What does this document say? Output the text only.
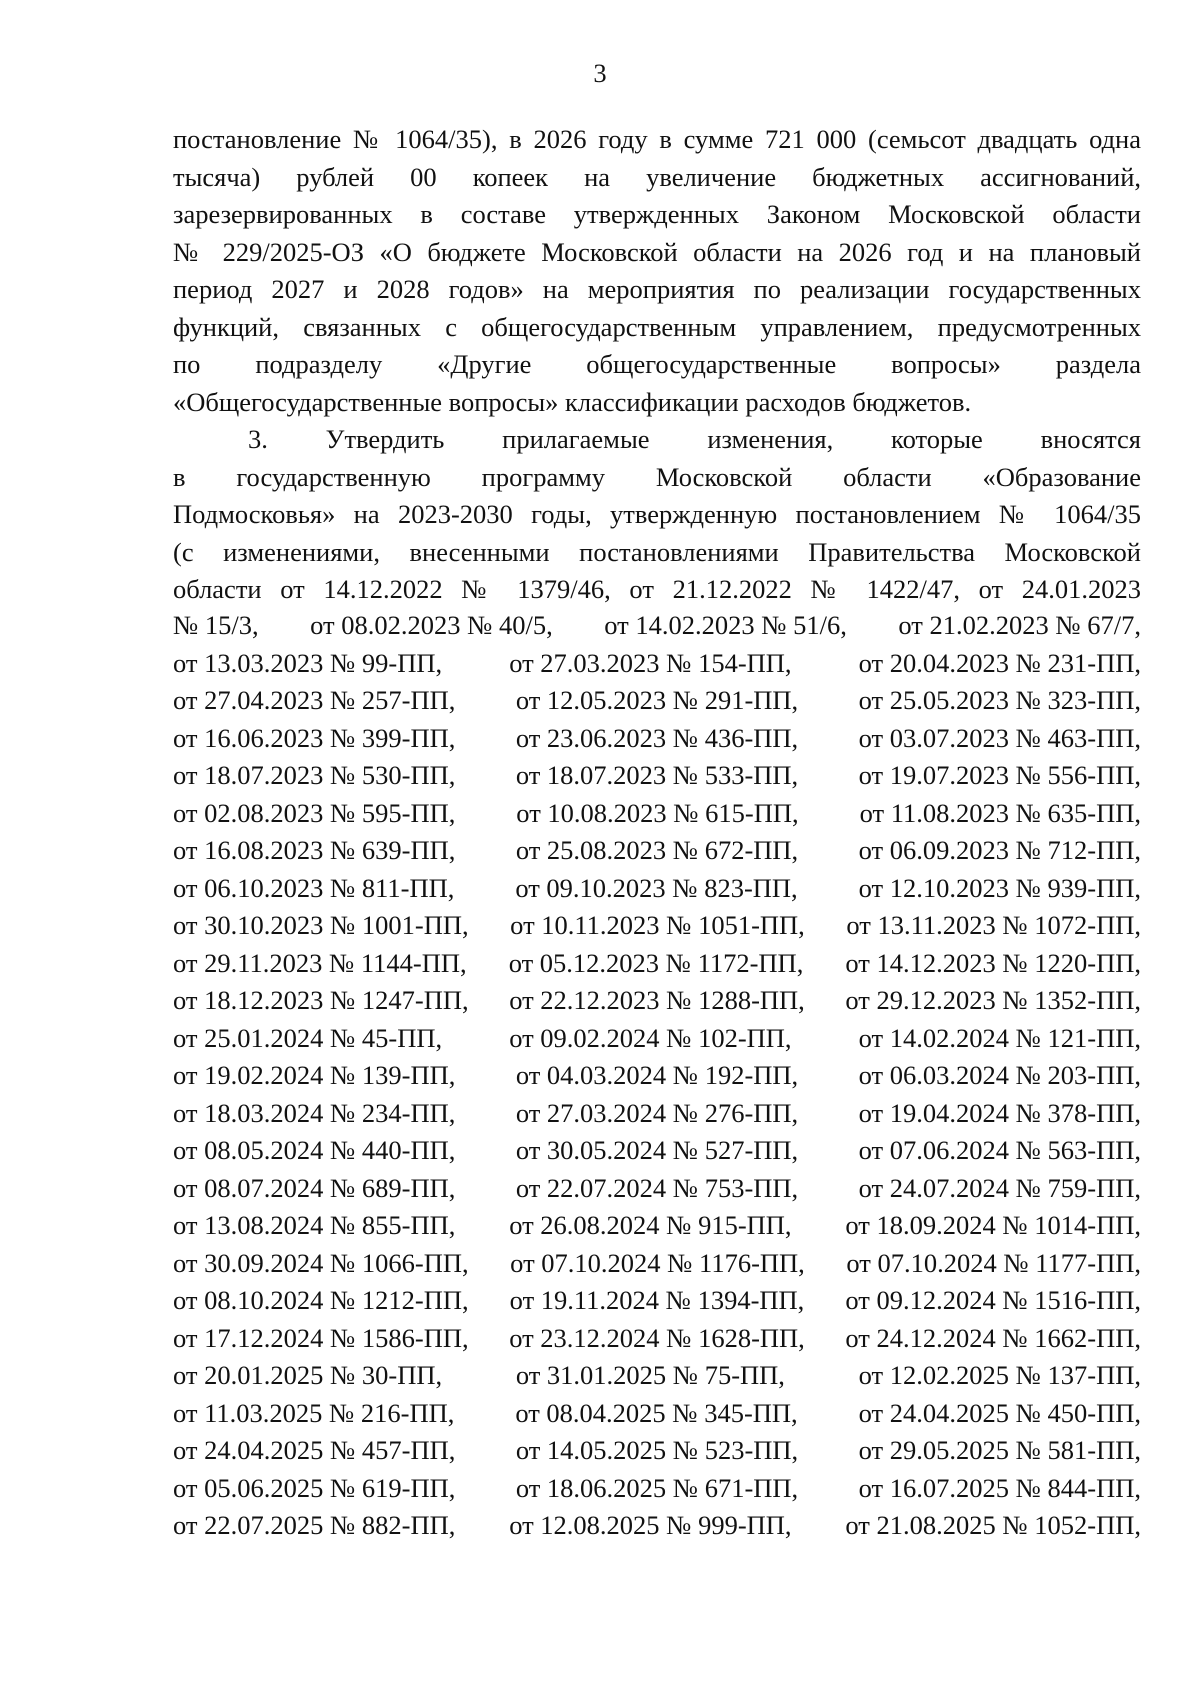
3
постановление № 1064/35), в 2026 году в сумме 721 000 (семьсот двадцать одна
тысяча) рублей 00 копеек на увеличение бюджетных ассигнований,
зарезервированных в составе утвержденных Законом Московской области
№ 229/2025-ОЗ «О бюджете Московской области на 2026 год и на плановый
период 2027 и 2028 годов» на мероприятия по реализации государственных
функций, связанных с общегосударственным управлением, предусмотренных
по подразделу «Другие общегосударственные вопросы» раздела
«Общегосударственные вопросы» классификации расходов бюджетов.
3. Утвердить прилагаемые изменения, которые вносятся
в государственную программу Московской области «Образование
Подмосковья» на 2023-2030 годы, утвержденную постановлением № 1064/35
(с изменениями, внесенными постановлениями Правительства Московской
области от 14.12.2022 № 1379/46, от 21.12.2022 № 1422/47, от 24.01.2023
№ 15/3, от 08.02.2023 № 40/5, от 14.02.2023 № 51/6, от 21.02.2023 № 67/7,
от 13.03.2023 № 99-ПП,	от 27.03.2023 № 154-ПП,	от 20.04.2023 № 231-ПП,
от 27.04.2023 № 257-ПП, от 12.05.2023 № 291-ПП, от 25.05.2023 № 323-ПП,
от 16.06.2023 № 399-ПП, от 23.06.2023 № 436-ПП, от 03.07.2023 № 463-ПП,
от 18.07.2023 № 530-ПП, от 18.07.2023 № 533-ПП, от 19.07.2023 № 556-ПП,
от 02.08.2023 № 595-ПП, от 10.08.2023 № 615-ПП, от 11.08.2023 № 635-ПП,
от 16.08.2023 № 639-ПП, от 25.08.2023 № 672-ПП, от 06.09.2023 № 712-ПП,
от 06.10.2023 № 811-ПП, от 09.10.2023 № 823-ПП, от 12.10.2023 № 939-ПП,
от 30.10.2023 № 1001-ПП, от 10.11.2023 № 1051-ПП, от 13.11.2023 № 1072-ПП,
от 29.11.2023 № 1144-ПП, от 05.12.2023 № 1172-ПП, от 14.12.2023 № 1220-ПП,
от 18.12.2023 № 1247-ПП, от 22.12.2023 № 1288-ПП, от 29.12.2023 № 1352-ПП,
от 25.01.2024 № 45-ПП,	от 09.02.2024 № 102-ПП,	от 14.02.2024 № 121-ПП,
от 19.02.2024 № 139-ПП, от 04.03.2024 № 192-ПП, от 06.03.2024 № 203-ПП,
от 18.03.2024 № 234-ПП, от 27.03.2024 № 276-ПП, от 19.04.2024 № 378-ПП,
от 08.05.2024 № 440-ПП, от 30.05.2024 № 527-ПП, от 07.06.2024 № 563-ПП,
от 08.07.2024 № 689-ПП, от 22.07.2024 № 753-ПП, от 24.07.2024 № 759-ПП,
от 13.08.2024 № 855-ПП, от 26.08.2024 № 915-ПП, от 18.09.2024 № 1014-ПП,
от 30.09.2024 № 1066-ПП, от 07.10.2024 № 1176-ПП, от 07.10.2024 № 1177-ПП,
от 08.10.2024 № 1212-ПП, от 19.11.2024 № 1394-ПП, от 09.12.2024 № 1516-ПП,
от 17.12.2024 № 1586-ПП, от 23.12.2024 № 1628-ПП, от 24.12.2024 № 1662-ПП,
от 20.01.2025 № 30-ПП,	от 31.01.2025 № 75-ПП,	от 12.02.2025 № 137-ПП,
от 11.03.2025 № 216-ПП, от 08.04.2025 № 345-ПП, от 24.04.2025 № 450-ПП,
от 24.04.2025 № 457-ПП, от 14.05.2025 № 523-ПП, от 29.05.2025 № 581-ПП,
от 05.06.2025 № 619-ПП, от 18.06.2025 № 671-ПП, от 16.07.2025 № 844-ПП,
от 22.07.2025 № 882-ПП, от 12.08.2025 № 999-ПП, от 21.08.2025 № 1052-ПП,
